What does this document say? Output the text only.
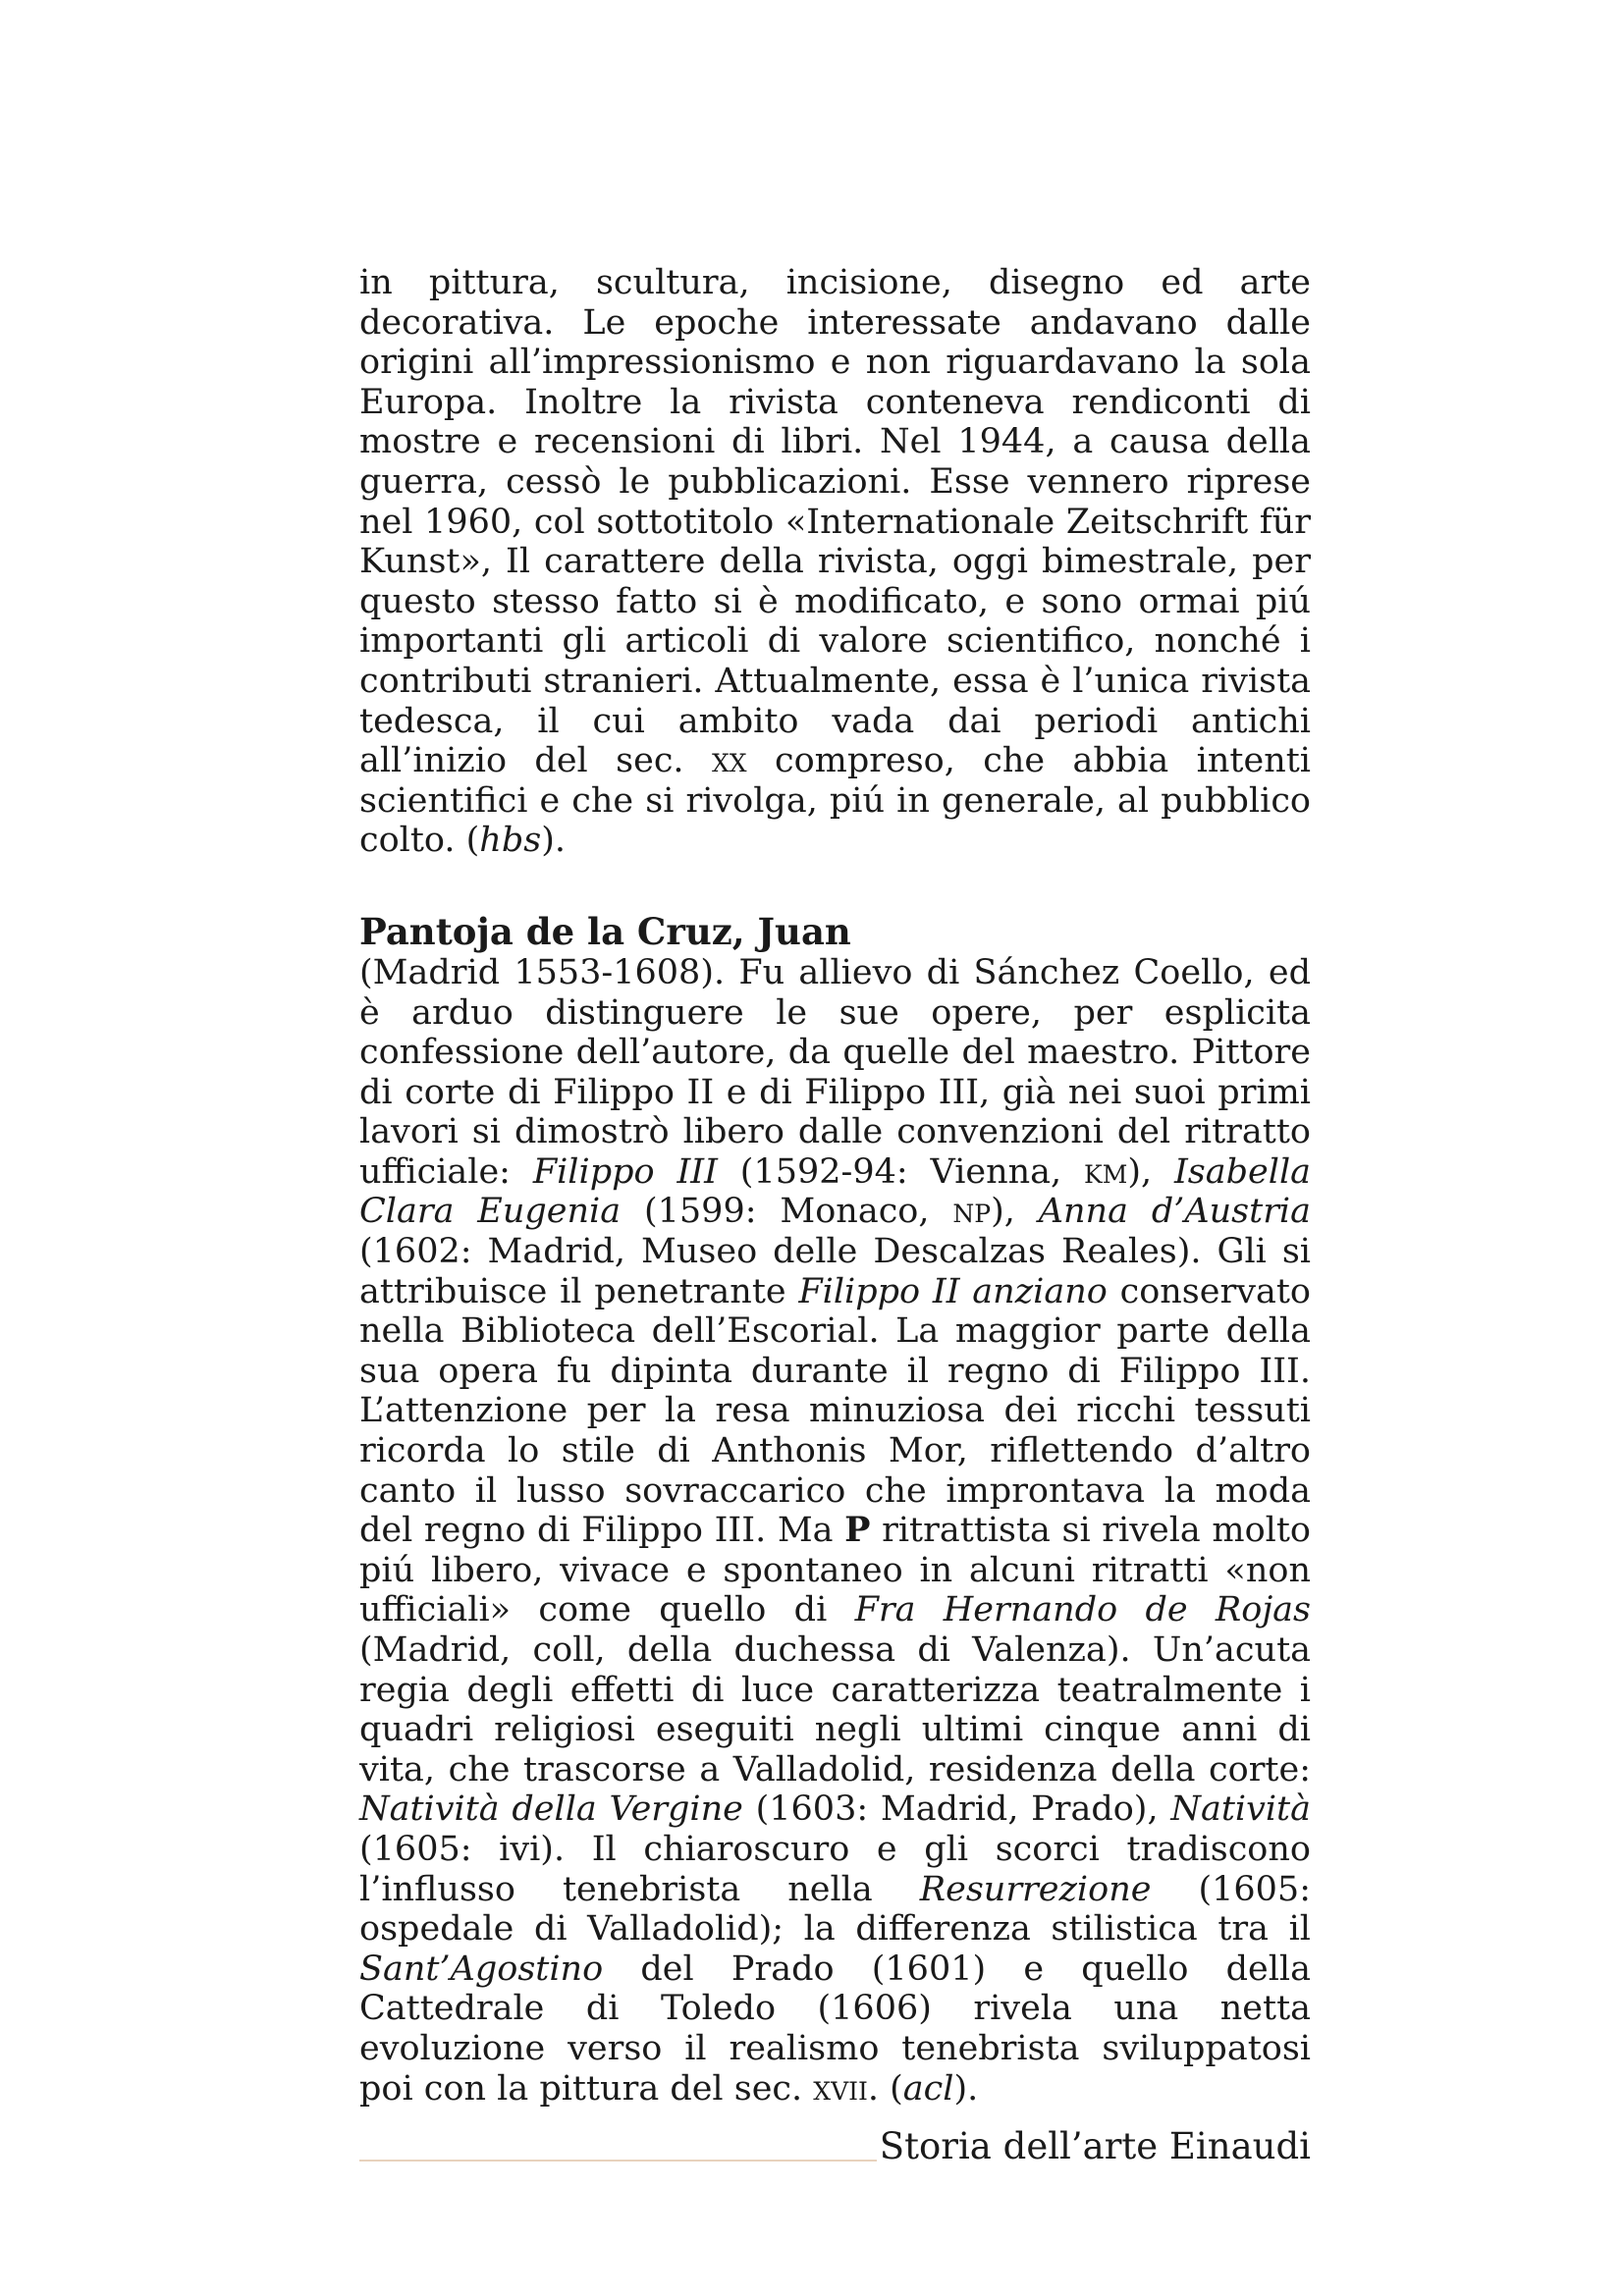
in pittura, scultura, incisione, disegno ed arte decorativa. Le epoche interessate andavano dalle origini all’impressionismo e non riguardavano la sola Europa. Inoltre la rivista conteneva rendiconti di mostre e recensioni di libri. Nel 1944, a causa della guerra, cessò le pubblicazioni. Esse vennero riprese nel 1960, col sottotitolo «Internationale Zeitschrift für Kunst», Il carattere della rivista, oggi bimestrale, per questo stesso fatto si è modificato, e sono ormai piú importanti gli articoli di valore scientifico, nonché i contributi stranieri. Attualmente, essa è l’unica rivista tedesca, il cui ambito vada dai periodi antichi all’inizio del sec. xx compreso, che abbia intenti scientifici e che si rivolga, piú in generale, al pubblico colto. (hbs).

Pantoja de la Cruz, Juan

(Madrid 1553-1608). Fu allievo di Sánchez Coello, ed è arduo distinguere le sue opere, per esplicita confessione dell’autore, da quelle del maestro. Pittore di corte di Filippo II e di Filippo III, già nei suoi primi lavori si dimostrò libero dalle convenzioni del ritratto ufficiale: Filippo III (1592-94: Vienna, km), Isabella Clara Eugenia (1599: Monaco, np), Anna d’Austria (1602: Madrid, Museo delle Descalzas Reales). Gli si attribuisce il penetrante Filippo II anziano conservato nella Biblioteca dell’Escorial. La maggior parte della sua opera fu dipinta durante il regno di Filippo III. L’attenzione per la resa minuziosa dei ricchi tessuti ricorda lo stile di Anthonis Mor, riflettendo d’altro canto il lusso sovraccarico che improntava la moda del regno di Filippo III. Ma P ritrattista si rivela molto piú libero, vivace e spontaneo in alcuni ritratti «non ufficiali» come quello di Fra Hernando de Rojas (Madrid, coll, della duchessa di Valenza). Un’acuta regia degli effetti di luce caratterizza teatralmente i quadri religiosi eseguiti negli ultimi cinque anni di vita, che trascorse a Valladolid, residenza della corte: Natività della Vergine (1603: Madrid, Prado), Natività (1605: ivi). Il chiaroscuro e gli scorci tradiscono l’influsso tenebrista nella Resurrezione (1605: ospedale di Valladolid); la differenza stilistica tra il Sant’Agostino del Prado (1601) e quello della Cattedrale di Toledo (1606) rivela una netta evoluzione verso il realismo tenebrista sviluppatosi poi con la pittura del sec. xvii. (acl).

Storia dell’arte Einaudi
